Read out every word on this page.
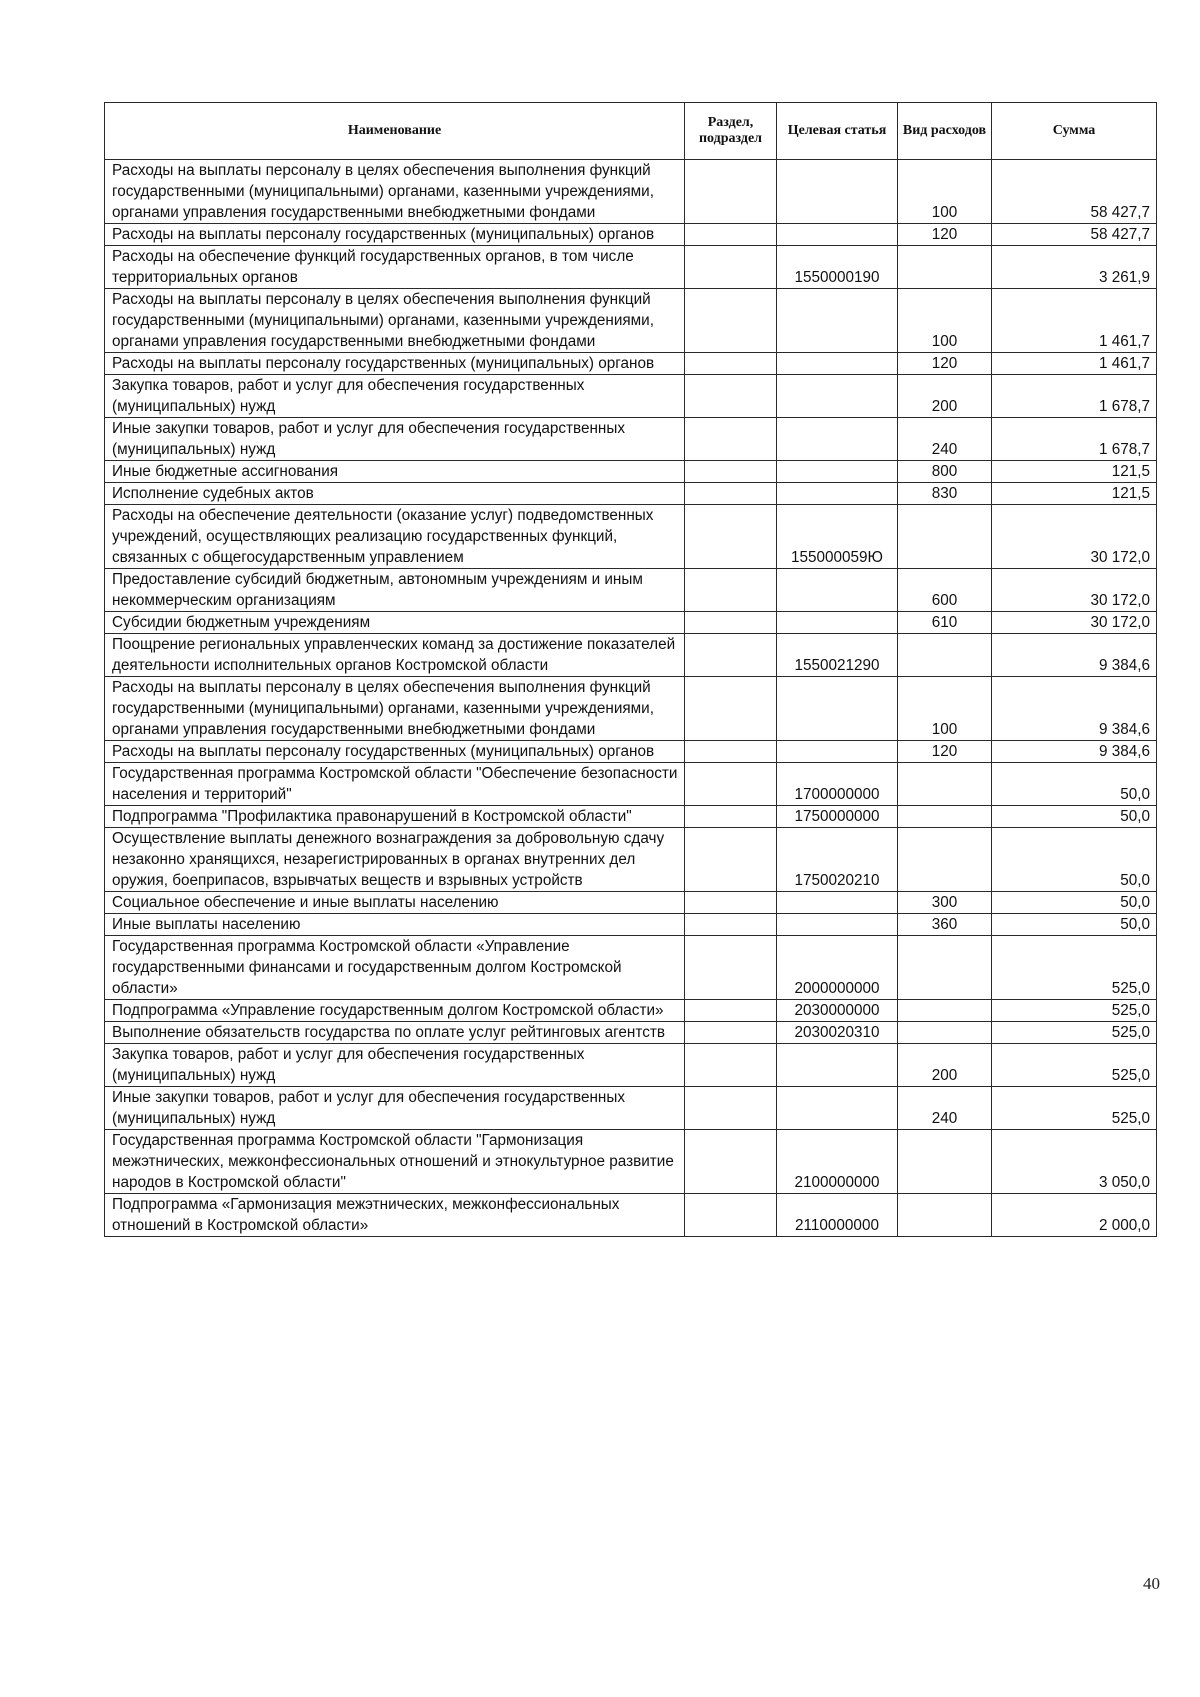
Наименование	Раздел, подраздел	Целевая статья	Вид расходов	Сумма
Расходы на выплаты персоналу в целях обеспечения выполнения функций государственными (муниципальными) органами, казенными учреждениями, органами управления государственными внебюджетными фондами			100	58 427,7
Расходы на выплаты персоналу государственных (муниципальных) органов			120	58 427,7
Расходы на обеспечение функций государственных органов, в том числе территориальных органов		1550000190		3 261,9
Расходы на выплаты персоналу в целях обеспечения выполнения функций государственными (муниципальными) органами, казенными учреждениями, органами управления государственными внебюджетными фондами			100	1 461,7
Расходы на выплаты персоналу государственных (муниципальных) органов			120	1 461,7
Закупка товаров, работ и услуг для обеспечения государственных (муниципальных) нужд			200	1 678,7
Иные закупки товаров, работ и услуг для обеспечения государственных (муниципальных) нужд			240	1 678,7
Иные бюджетные ассигнования			800	121,5
Исполнение судебных актов			830	121,5
Расходы на обеспечение деятельности (оказание услуг) подведомственных учреждений, осуществляющих реализацию государственных функций, связанных с общегосударственным управлением		155000059Ю		30 172,0
Предоставление субсидий бюджетным, автономным учреждениям и иным некоммерческим организациям			600	30 172,0
Субсидии бюджетным учреждениям			610	30 172,0
Поощрение региональных управленческих команд за достижение показателей деятельности исполнительных органов Костромской области		1550021290		9 384,6
Расходы на выплаты персоналу в целях обеспечения выполнения функций государственными (муниципальными) органами, казенными учреждениями, органами управления государственными внебюджетными фондами			100	9 384,6
Расходы на выплаты персоналу государственных (муниципальных) органов			120	9 384,6
Государственная программа Костромской области "Обеспечение безопасности населения и территорий"		1700000000		50,0
Подпрограмма "Профилактика правонарушений в Костромской области"		1750000000		50,0
Осуществление выплаты денежного вознаграждения за добровольную сдачу незаконно хранящихся, незарегистрированных в органах внутренних дел оружия, боеприпасов, взрывчатых веществ и взрывных устройств		1750020210		50,0
Социальное обеспечение и иные выплаты населению			300	50,0
Иные выплаты населению			360	50,0
Государственная программа Костромской области «Управление государственными финансами и государственным долгом Костромской области»		2000000000		525,0
Подпрограмма «Управление государственным долгом Костромской области»		2030000000		525,0
Выполнение обязательств государства по оплате услуг рейтинговых агентств		2030020310		525,0
Закупка товаров, работ и услуг для обеспечения государственных (муниципальных) нужд			200	525,0
Иные закупки товаров, работ и услуг для обеспечения государственных (муниципальных) нужд			240	525,0
Государственная программа Костромской области "Гармонизация межэтнических, межконфессиональных отношений и этнокультурное развитие народов в Костромской области"		2100000000		3 050,0
Подпрограмма «Гармонизация межэтнических, межконфессиональных отношений в Костромской области»		2110000000		2 000,0
40
